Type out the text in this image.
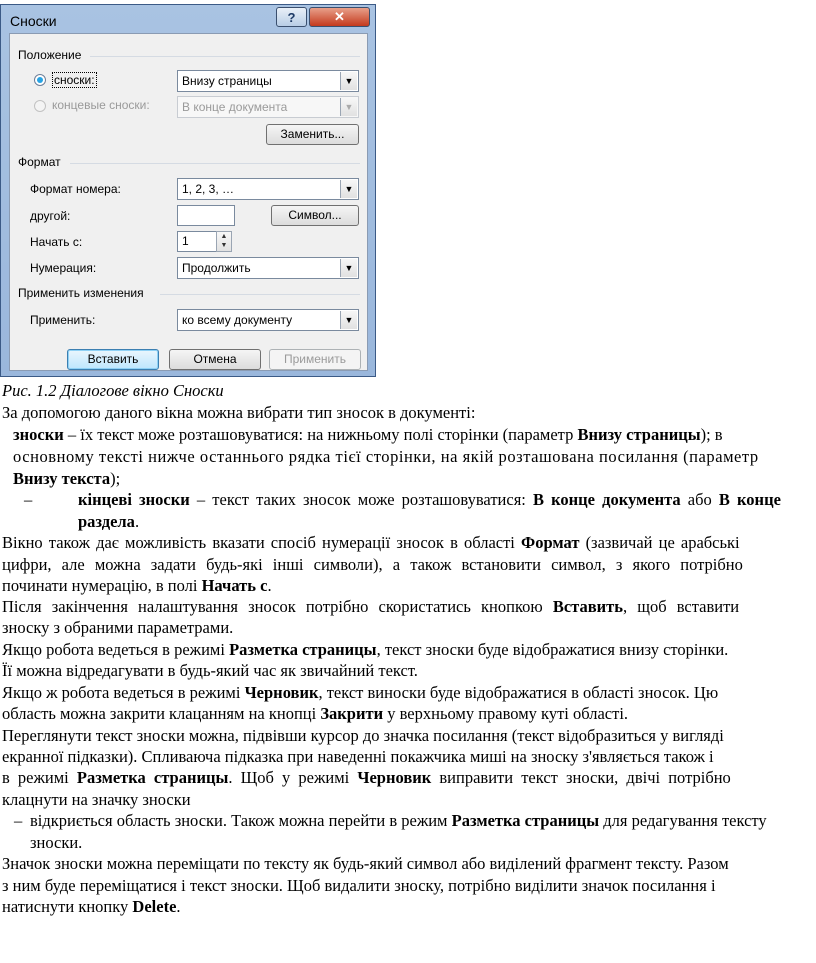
Сноски	?	✕
Положение
сноски:	Внизу страницы	▼
концевые сноски:	В конце документа	▼
Заменить...
Формат
Формат номера:	1, 2, 3, …	▼
другой:	Символ...
Начать с:	1	▲
▼
Нумерация:	Продолжить	▼
Применить изменения
Применить:	ко всему документу	▼
Вставить	Отмена	Применить
Рис. 1.2 Діалогове вікно Сноски
За допомогою даного вікна можна вибрати тип зносок в документі:
зноски – їх текст може розташовуватися: на нижньому полі сторінки (параметр Внизу страницы); в
основному тексті нижче останнього рядка тієї сторінки, на якій розташована посилання (параметр
Внизу текста);
–	кінцеві зноски – текст таких зносок може розташовуватися: В конце документа або В конце
раздела.
Вікно також дає можливість вказати спосіб нумерації зносок в області Формат (зазвичай це арабські
цифри, але можна задати будь-які інші символи), а також встановити символ, з якого потрібно
починати нумерацію, в полі Начать с.
Після закінчення налаштування зносок потрібно скористатись кнопкою Вставить, щоб вставити
зноску з обраними параметрами.
Якщо робота ведеться в режимі Разметка страницы, текст зноски буде відображатися внизу сторінки.
Її можна відредагувати в будь-який час як звичайний текст.
Якщо ж робота ведеться в режимі Черновик, текст виноски буде відображатися в області зносок. Цю
область можна закрити клацанням на кнопці Закрити у верхньому правому куті області.
Переглянути текст зноски можна, підвівши курсор до значка посилання (текст відобразиться у вигляді
екранної підказки). Спливаюча підказка при наведенні покажчика миші на зноску з'являється також і
в режимі Разметка страницы. Щоб у режимі Черновик виправити текст зноски, двічі потрібно
клацнути на значку зноски
– відкриється область зноски. Також можна перейти в режим Разметка страницы для редагування тексту
зноски.
Значок зноски можна переміщати по тексту як будь-який символ або виділений фрагмент тексту. Разом
з ним буде переміщатися і текст зноски. Щоб видалити зноску, потрібно виділити значок посилання і
натиснути кнопку Delete.
